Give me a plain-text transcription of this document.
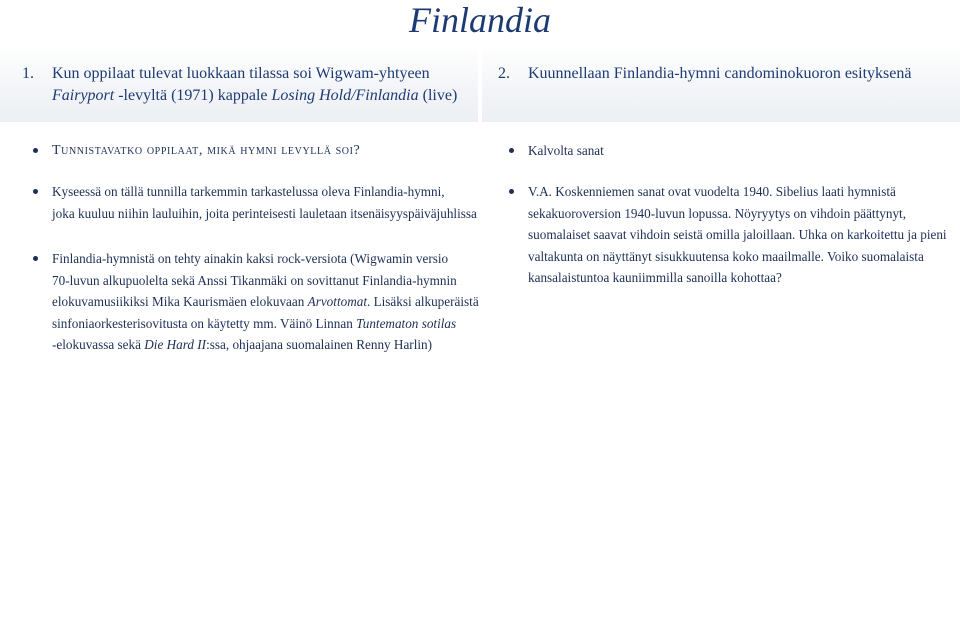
Finlandia
1. Kun oppilaat tulevat luokkaan tilassa soi Wigwam-yhtyeen
Fairyport -levyltä (1971) kappale Losing Hold/Finlandia (live)
2. Kuunnellaan Finlandia-hymni candominokuoron esityksenä
Tunnistavatko oppilaat, mikä hymni levyllä soi?
Kyseessä on tällä tunnilla tarkemmin tarkastelussa oleva Finlandia-hymni,
joka kuuluu niihin lauluihin, joita perinteisesti lauletaan itsenäisyyspäiväjuhlissa
Finlandia-hymnistä on tehty ainakin kaksi rock-versiota (Wigwamin versio
70-luvun alkupuolelta sekä Anssi Tikanmäki on sovittanut Finlandia-hymnin
elokuvamusiikiksi Mika Kaurismäen elokuvaan Arvottomat. Lisäksi alkuperäistä
sinfoniaorkesterisovitusta on käytetty mm. Väinö Linnan Tuntematon sotilas
-elokuvassa sekä Die Hard II:ssa, ohjaajana suomalainen Renny Harlin)
Kalvolta sanat
V.A. Koskenniemen sanat ovat vuodelta 1940. Sibelius laati hymnistä
sekakuoroversion 1940-luvun lopussa. Nöyryytys on vihdoin päättynyt,
suomalaiset saavat vihdoin seistä omilla jaloillaan. Uhka on karkoitettu ja pieni
valtakunta on näyttänyt sisukkuutensa koko maailmalle. Voiko suomalaista
kansalaistuntoa kauniimmilla sanoilla kohottaa?
